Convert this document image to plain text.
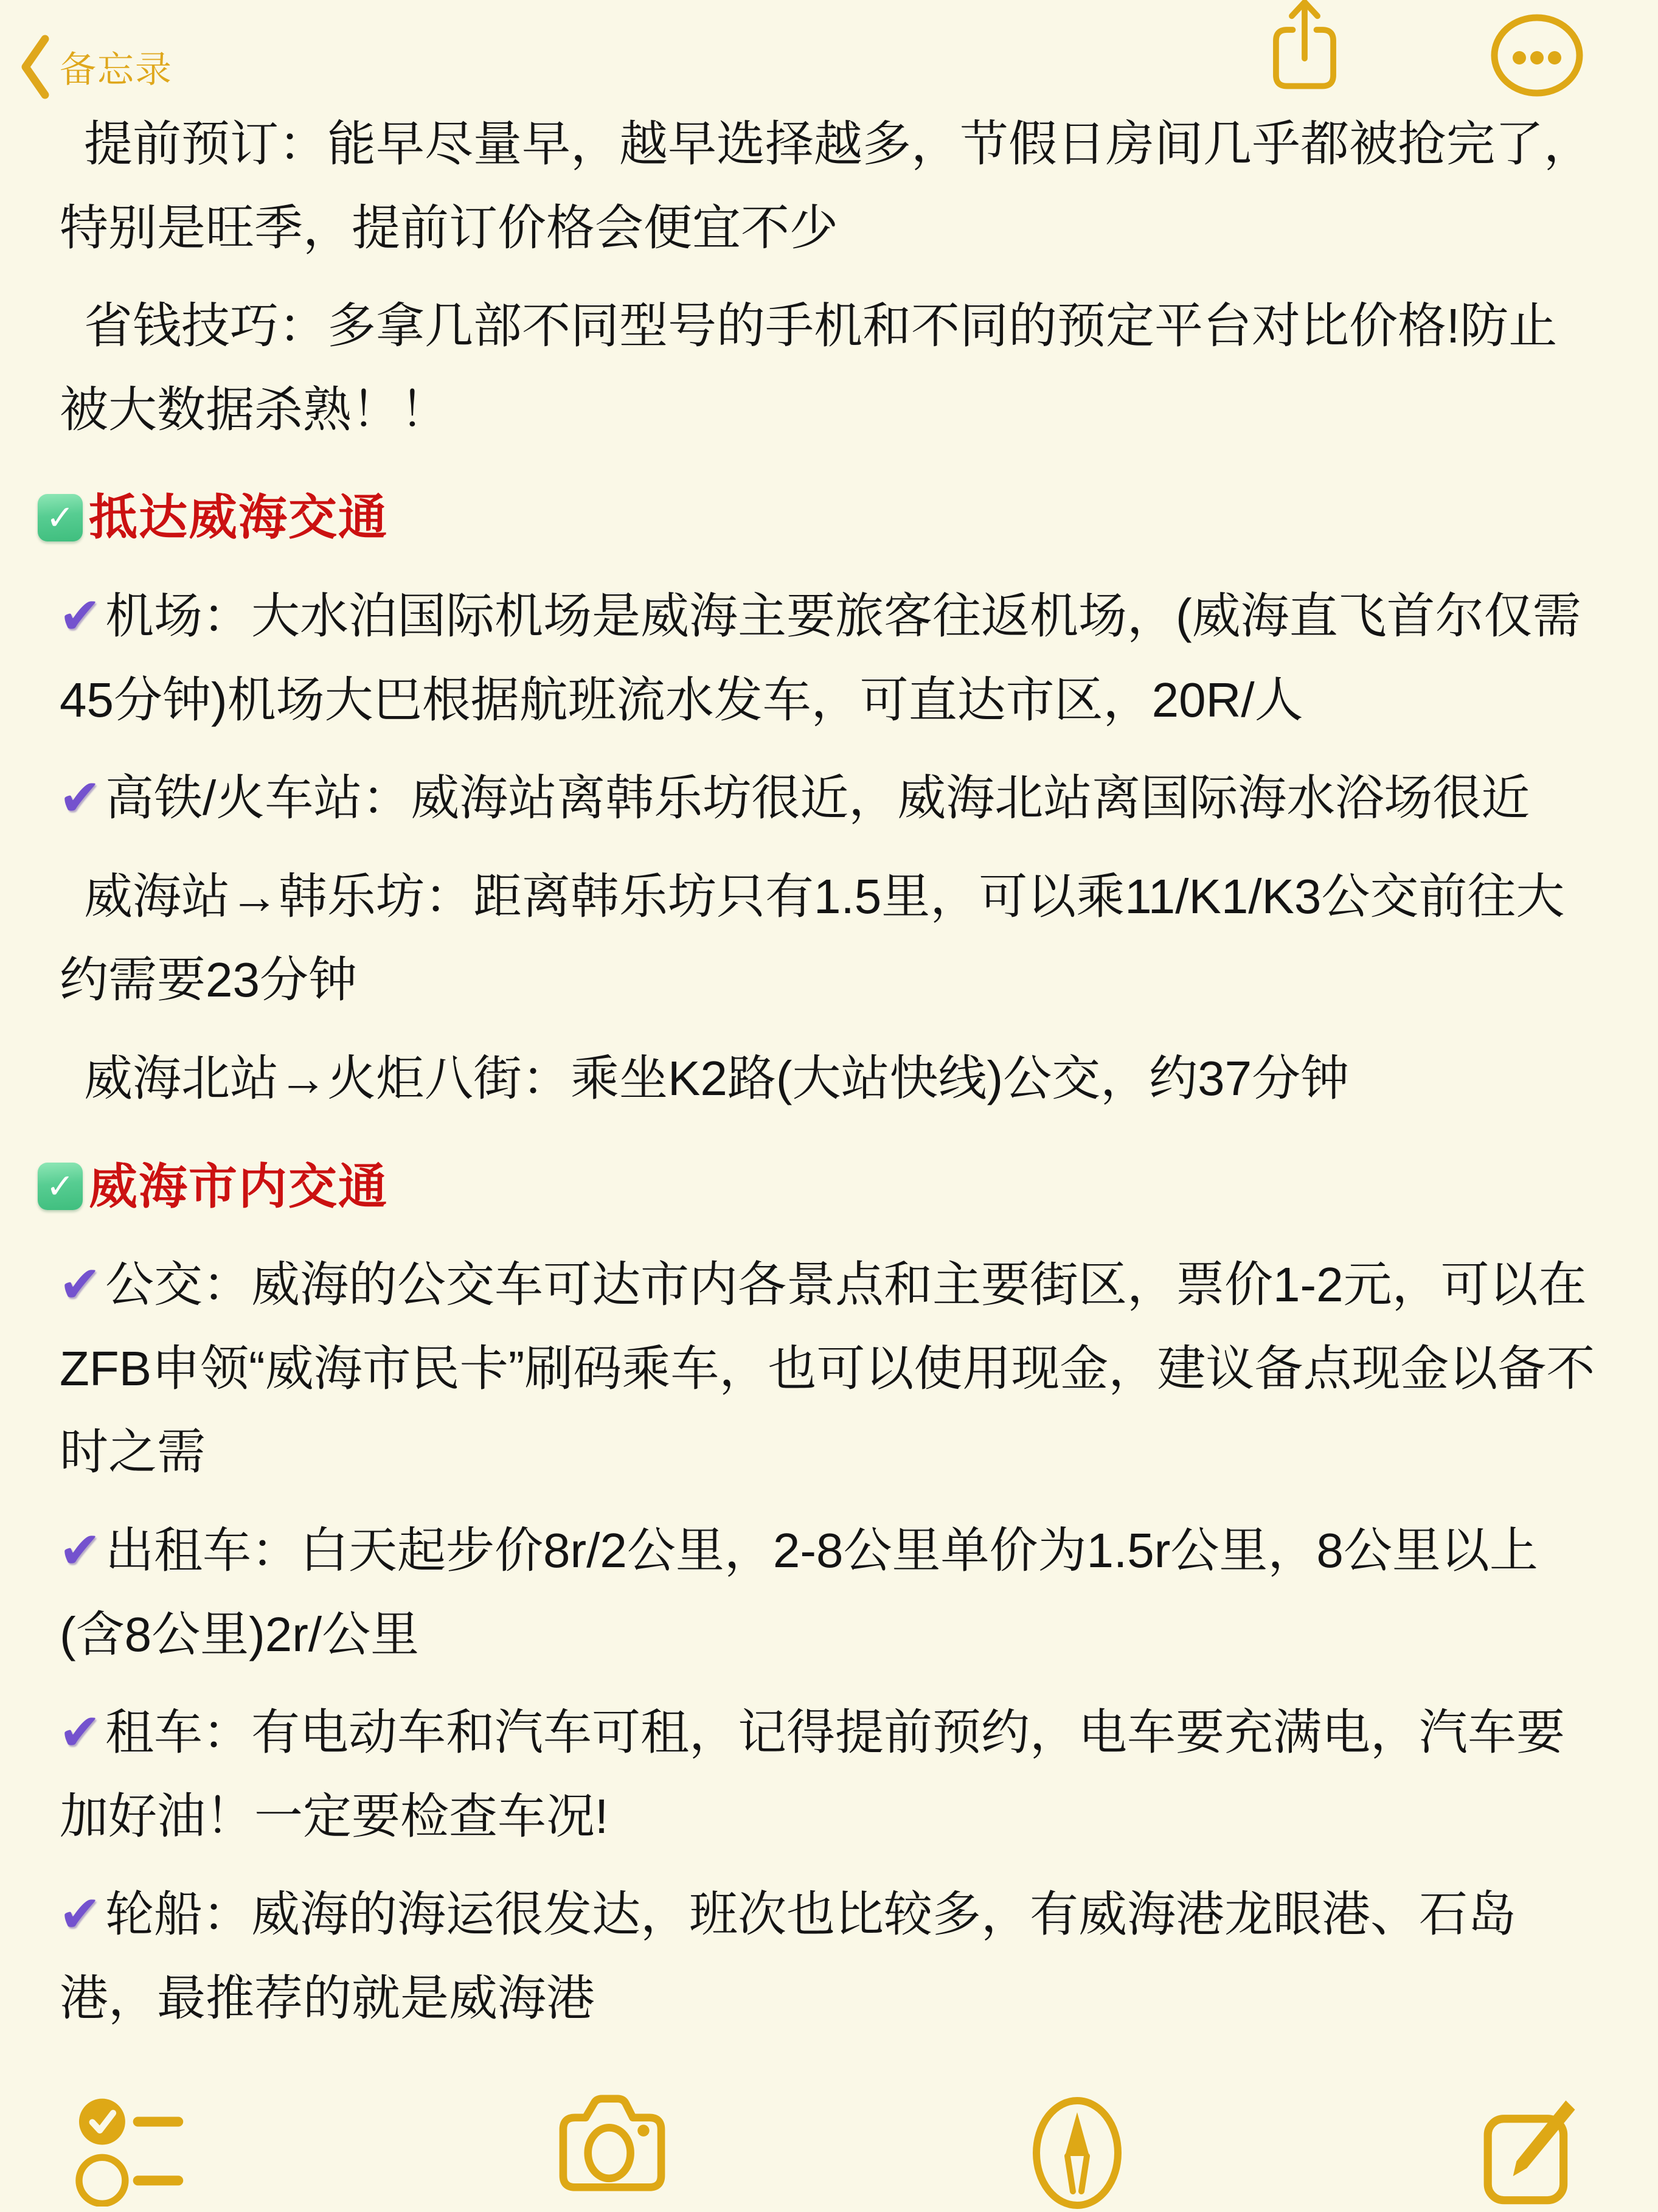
备忘录

提前预订：能早尽量早，越早选择越多，节假日房间几乎都被抢完了，特别是旺季，提前订价格会便宜不少

省钱技巧：多拿几部不同型号的手机和不同的预定平台对比价格!防止被大数据杀熟！！

✓
抵达威海交通

✔机场：大水泊国际机场是威海主要旅客往返机场，(威海直飞首尔仅需45分钟)机场大巴根据航班流水发车，可直达市区，20R/人

✔高铁/火车站：威海站离韩乐坊很近，威海北站离国际海水浴场很近

威海站→韩乐坊：距离韩乐坊只有1.5里，可以乘11/K1/K3公交前往大约需要23分钟

威海北站→火炬八街：乘坐K2路(大站快线)公交，约37分钟

✓
威海市内交通

✔公交：威海的公交车可达市内各景点和主要街区，票价1-2元，可以在ZFB申领“威海市民卡”刷码乘车，也可以使用现金，建议备点现金以备不时之需

✔出租车：白天起步价8r/2公里，2-8公里单价为1.5r公里，8公里以上(含8公里)2r/公里

✔租车：有电动车和汽车可租，记得提前预约，电车要充满电，汽车要加好油！一定要检查车况!

✔轮船：威海的海运很发达，班次也比较多，有威海港龙眼港、石岛港，最推荐的就是威海港
